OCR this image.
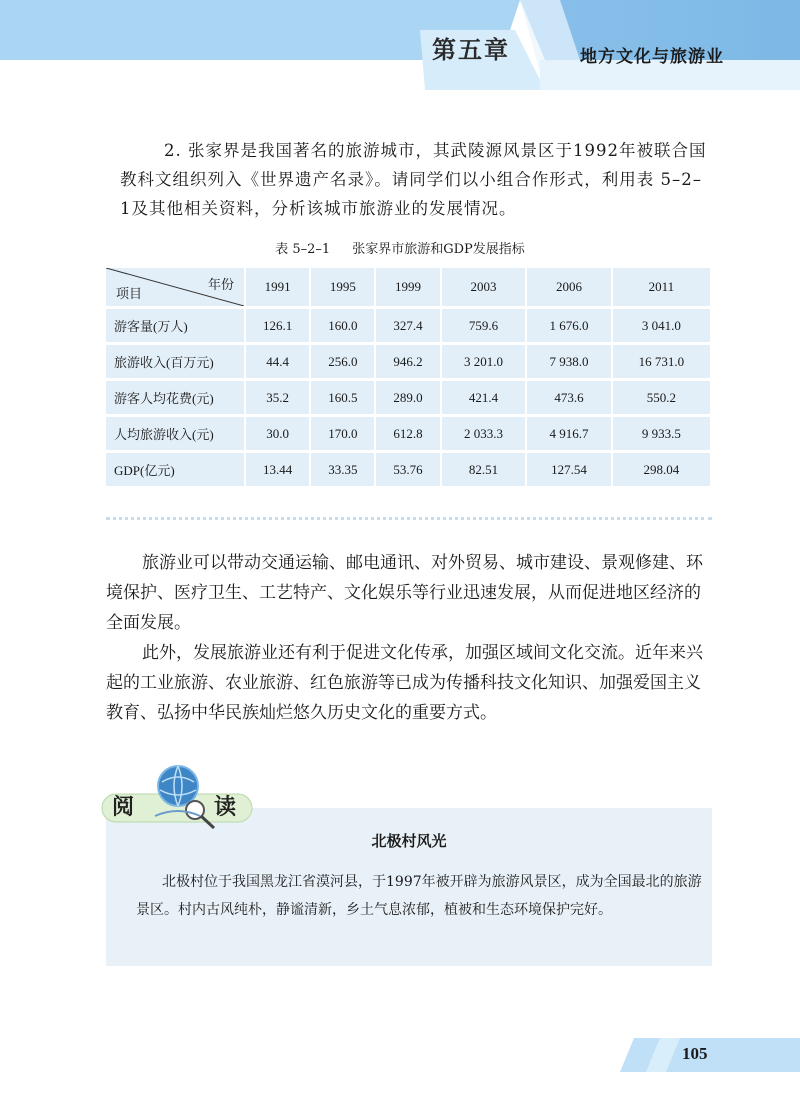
第五章	地方文化与旅游业

2. 张家界是我国著名的旅游城市，其武陵源风景区于1992年被联合国教科文组织列入《世界遗产名录》。请同学们以小组合作形式，利用表 5–2–1及其他相关资料，分析该城市旅游业的发展情况。

表 5–2–1 张家界市旅游和GDP发展指标
年份
项目	1991	1995	1999	2003	2006	2011
游客量(万人)	126.1	160.0	327.4	759.6	1 676.0	3 041.0
旅游收入(百万元)	44.4	256.0	946.2	3 201.0	7 938.0	16 731.0
游客人均花费(元)	35.2	160.5	289.0	421.4	473.6	550.2
人均旅游收入(元)	30.0	170.0	612.8	2 033.3	4 916.7	9 933.5
GDP(亿元)	13.44	33.35	53.76	82.51	127.54	298.04

旅游业可以带动交通运输、邮电通讯、对外贸易、城市建设、景观修建、环境保护、医疗卫生、工艺特产、文化娱乐等行业迅速发展，从而促进地区经济的全面发展。

此外，发展旅游业还有利于促进文化传承，加强区域间文化交流。近年来兴起的工业旅游、农业旅游、红色旅游等已成为传播科技文化知识、加强爱国主义教育、弘扬中华民族灿烂悠久历史文化的重要方式。

北极村风光

北极村位于我国黑龙江省漠河县，于1997年被开辟为旅游风景区，成为全国最北的旅游景区。村内古风纯朴，静谧清新，乡土气息浓郁，植被和生态环境保护完好。

阅	读
105
